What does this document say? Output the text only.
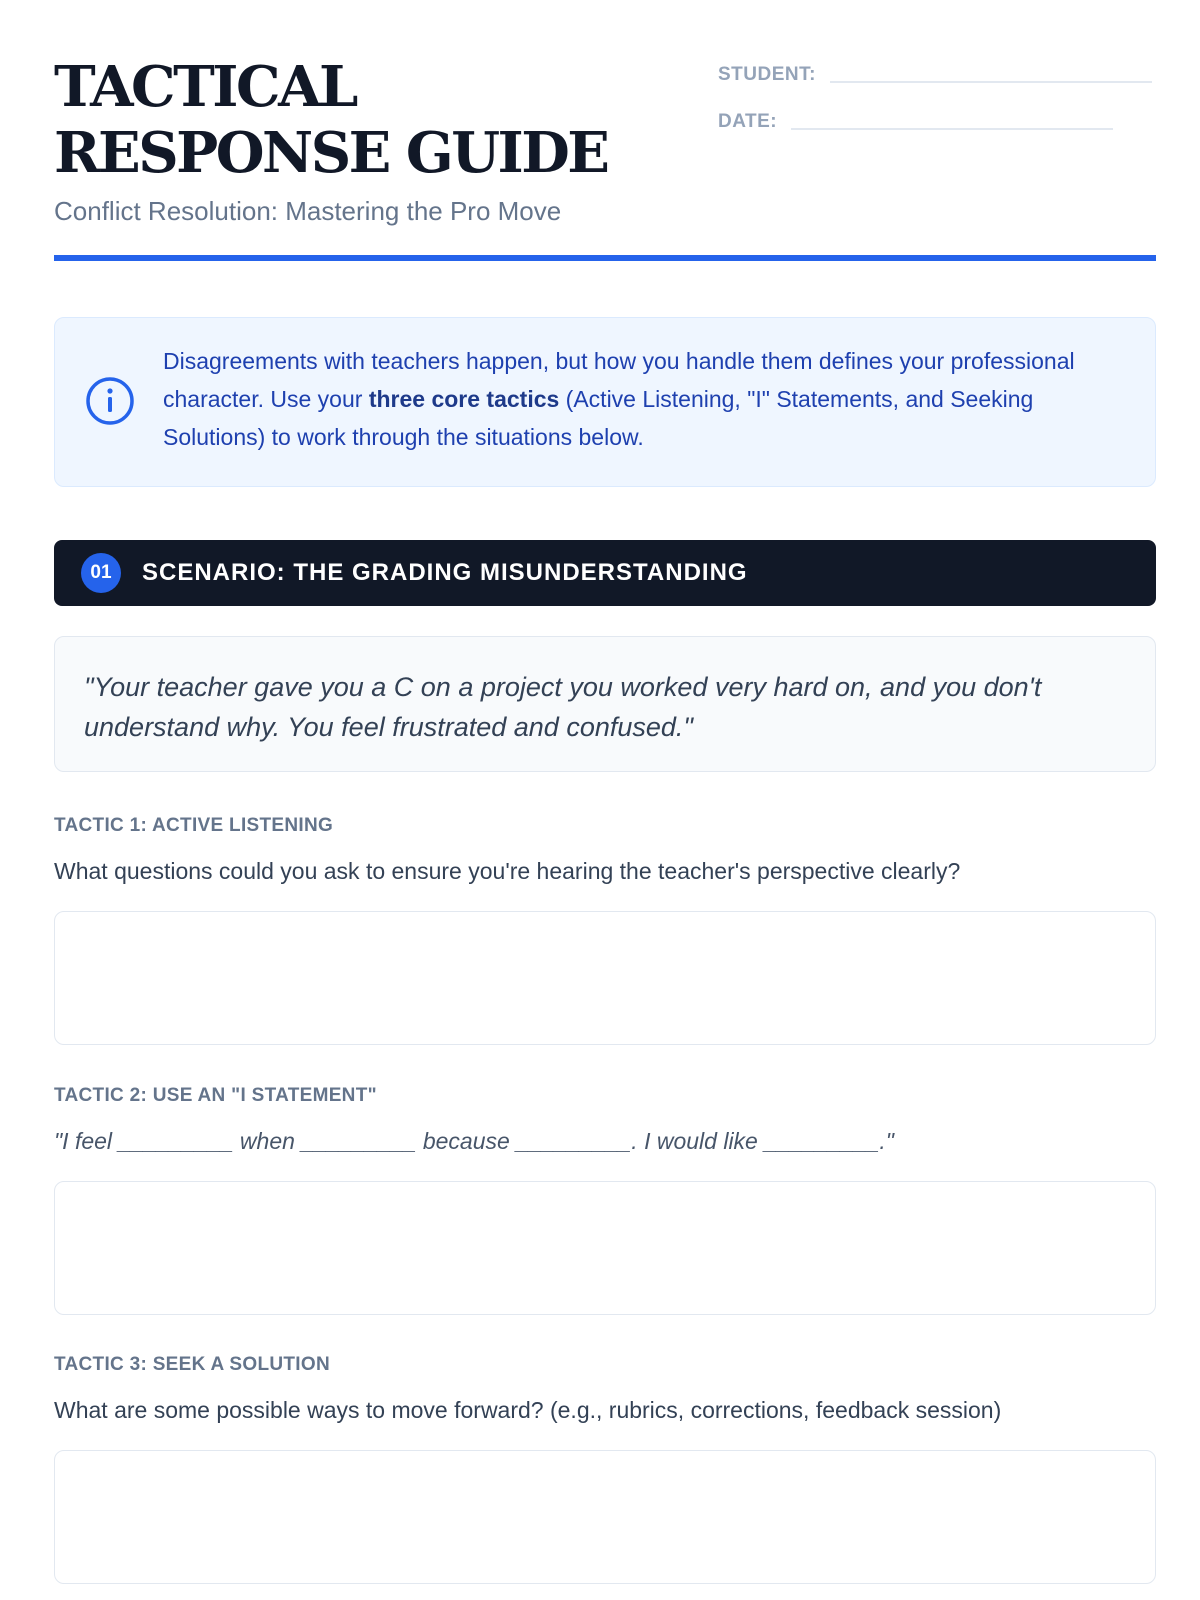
TACTICAL RESPONSE GUIDE
Conflict Resolution: Mastering the Pro Move
STUDENT:
DATE:
Disagreements with teachers happen, but how you handle them defines your professional character. Use your three core tactics (Active Listening, "I" Statements, and Seeking Solutions) to work through the situations below.
01	SCENARIO: THE GRADING MISUNDERSTANDING
"Your teacher gave you a C on a project you worked very hard on, and you don't understand why. You feel frustrated and confused."
TACTIC 1: ACTIVE LISTENING
What questions could you ask to ensure you're hearing the teacher's perspective clearly?
TACTIC 2: USE AN "I STATEMENT"
"I feel _________ when _________ because _________. I would like _________."
TACTIC 3: SEEK A SOLUTION
What are some possible ways to move forward? (e.g., rubrics, corrections, feedback session)
